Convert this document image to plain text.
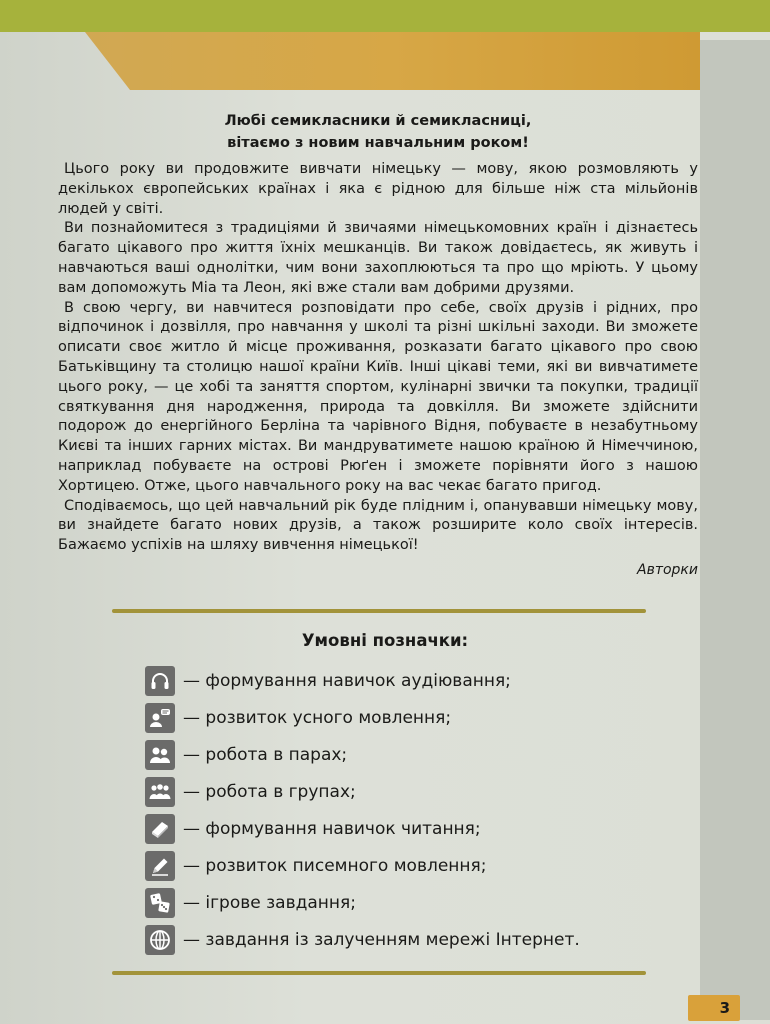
Любі семикласники й семикласниці,
вітаємо з новим навчальним роком!

Цього року ви продовжите вивчати німецьку — мову, якою розмовляють у декількох європейських країнах і яка є рідною для більше ніж ста мільйонів людей у світі.

Ви познайомитеся з традиціями й звичаями німецькомовних країн і дізнаєтесь багато цікавого про життя їхніх мешканців. Ви також довідаєтесь, як живуть і навчаються ваші однолітки, чим вони захоплюються та про що мріють. У цьому вам допоможуть Міа та Леон, які вже стали вам добрими друзями.

В свою чергу, ви навчитеся розповідати про себе, своїх друзів і рідних, про відпочинок і дозвілля, про навчання у школі та різні шкільні заходи. Ви зможете описати своє житло й місце проживання, розказати багато цікавого про свою Батьківщину та столицю нашої країни Київ. Інші цікаві теми, які ви вивчатимете цього року, — це хобі та заняття спортом, кулінарні звички та покупки, традиції святкування дня народження, природа та довкілля. Ви зможете здійснити подорож до енергійного Берліна та чарівного Відня, побуваєте в незабутньому Києві та інших гарних містах. Ви мандруватимете нашою країною й Німеччиною, наприклад побуваєте на острові Рюґен і зможете порівняти його з нашою Хортицею. Отже, цього навчального року на вас чекає багато пригод.

Сподіваємось, що цей навчальний рік буде плідним і, опанувавши німецьку мову, ви знайдете багато нових друзів, а також розширите коло своїх інтересів. Бажаємо успіхів на шляху вивчення німецької!

Авторки
Умовні позначки:
— формування навичок аудіювання;
— розвиток усного мовлення;
— робота в парах;
— робота в групах;
— формування навичок читання;
— розвиток писемного мовлення;
— ігрове завдання;
— завдання із залученням мережі Інтернет.
3
